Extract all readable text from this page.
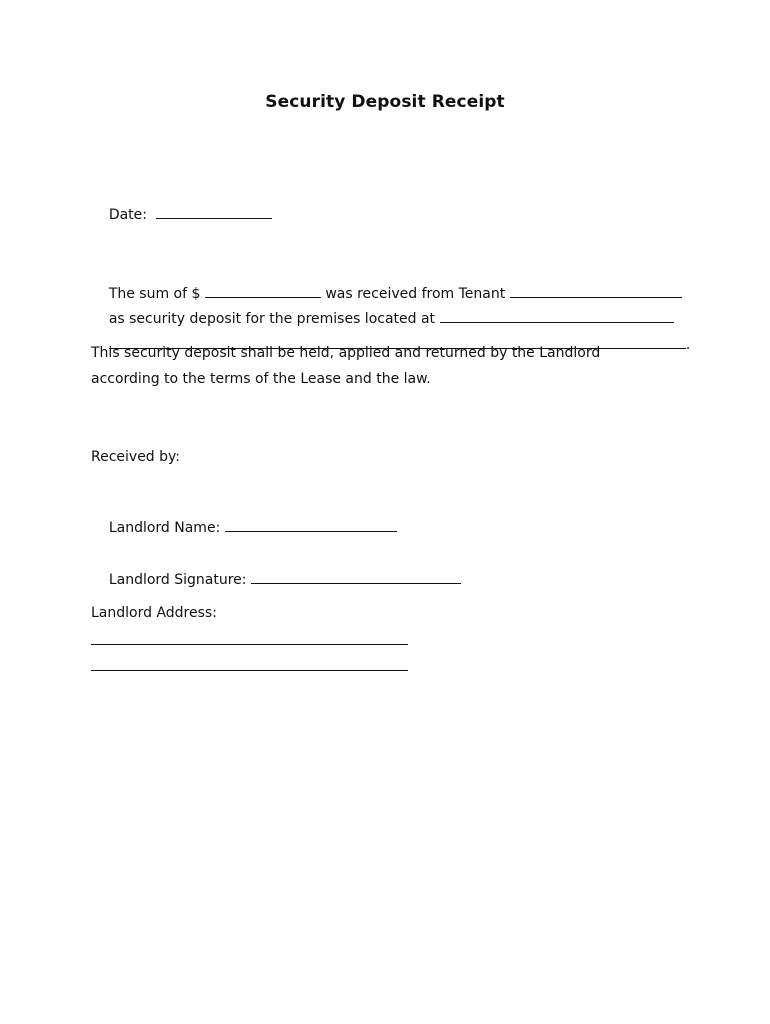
Security Deposit Receipt

Date:

The sum of $	was received from Tenant

as security deposit for the premises located at

.

This security deposit shall be held, applied and returned by the Landlord
according to the terms of the Lease and the law.
Received by:

Landlord Name:

Landlord Signature:

Landlord Address:
